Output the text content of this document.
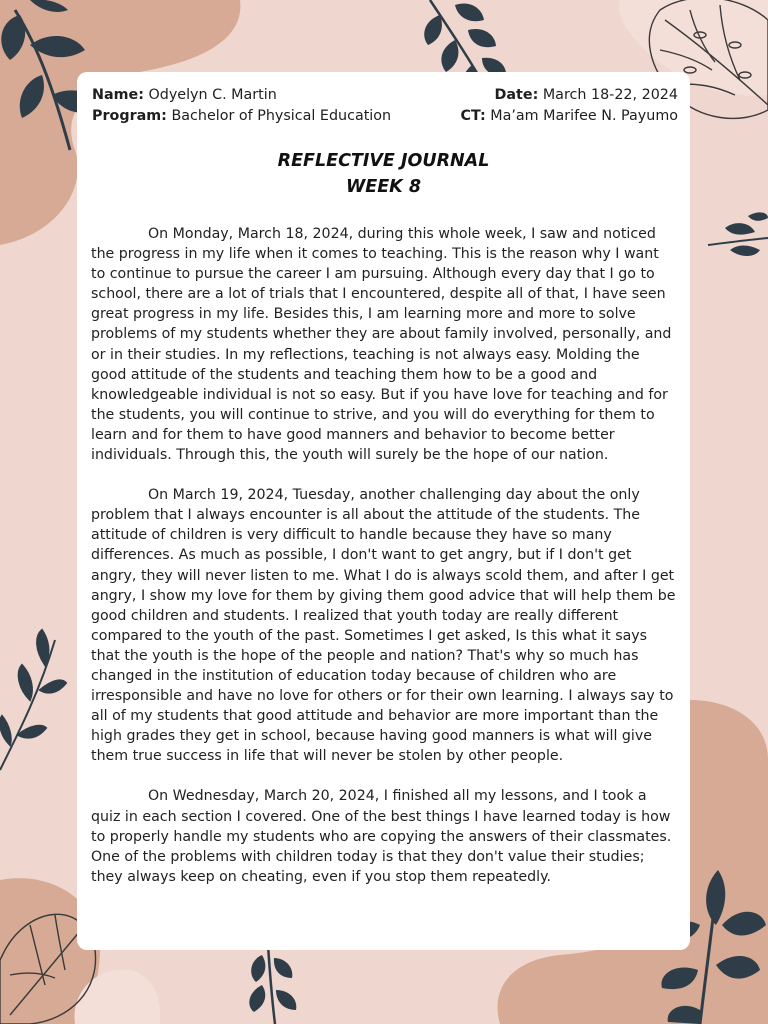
Name: Odyelyn C. Martin
Program: Bachelor of Physical Education
Date: March 18-22, 2024
CT: Ma’am Marifee N. Payumo
REFLECTIVE JOURNAL
WEEK 8

On Monday, March 18, 2024, during this whole week, I saw and noticed the progress in my life when it comes to teaching. This is the reason why I want to continue to pursue the career I am pursuing. Although every day that I go to school, there are a lot of trials that I encountered, despite all of that, I have seen great progress in my life. Besides this, I am learning more and more to solve problems of my students whether they are about family involved, personally, and or in their studies. In my reflections, teaching is not always easy. Molding the good attitude of the students and teaching them how to be a good and knowledgeable individual is not so easy. But if you have love for teaching and for the students, you will continue to strive, and you will do everything for them to learn and for them to have good manners and behavior to become better individuals. Through this, the youth will surely be the hope of our nation.

On March 19, 2024, Tuesday, another challenging day about the only problem that I always encounter is all about the attitude of the students. The attitude of children is very difficult to handle because they have so many differences. As much as possible, I don't want to get angry, but if I don't get angry, they will never listen to me. What I do is always scold them, and after I get angry, I show my love for them by giving them good advice that will help them be good children and students. I realized that youth today are really different compared to the youth of the past. Sometimes I get asked, Is this what it says that the youth is the hope of the people and nation? That's why so much has changed in the institution of education today because of children who are irresponsible and have no love for others or for their own learning. I always say to all of my students that good attitude and behavior are more important than the high grades they get in school, because having good manners is what will give them true success in life that will never be stolen by other people.

On Wednesday, March 20, 2024, I finished all my lessons, and I took a quiz in each section I covered. One of the best things I have learned today is how to properly handle my students who are copying the answers of their classmates. One of the problems with children today is that they don't value their studies; they always keep on cheating, even if you stop them repeatedly.
